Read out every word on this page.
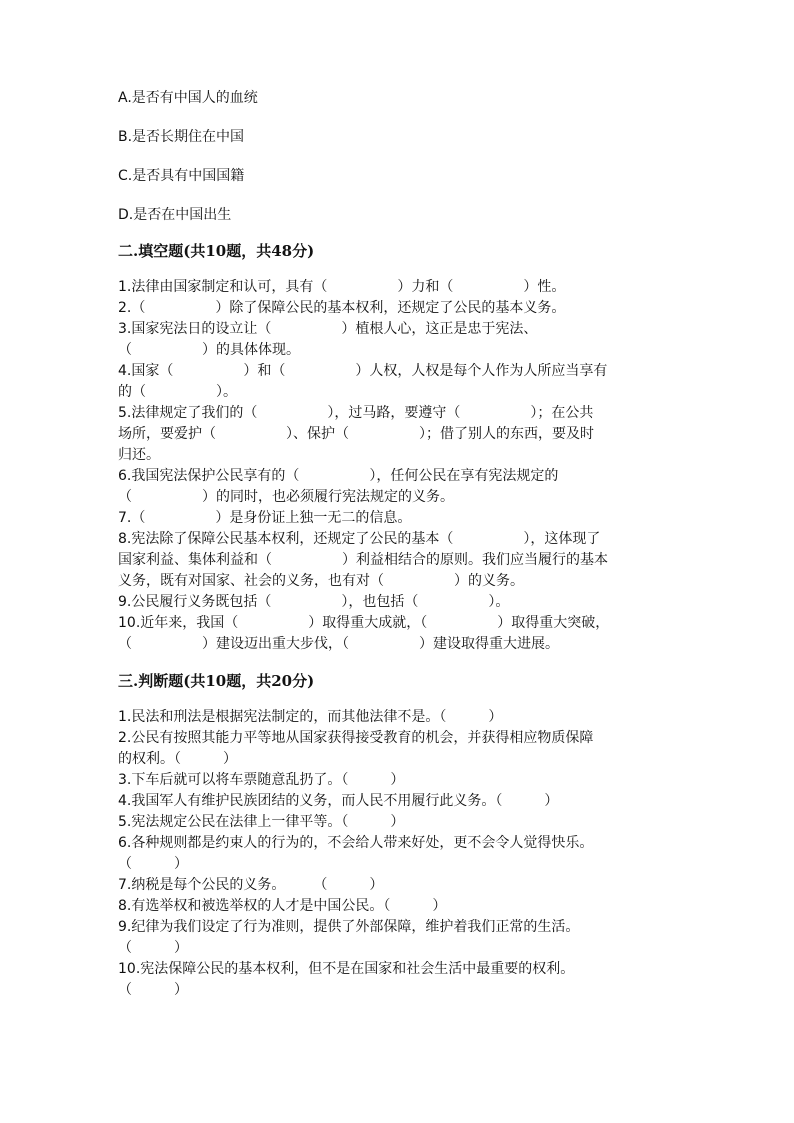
A.是否有中国人的血统
B.是否长期住在中国
C.是否具有中国国籍
D.是否在中国出生
二.填空题(共10题，共48分)
1.法律由国家制定和认可，具有（　　　　　）力和（　　　　　）性。
2.（　　　　　）除了保障公民的基本权利，还规定了公民的基本义务。
3.国家宪法日的设立让（　　　　　）植根人心，这正是忠于宪法、
（　　　　　）的具体体现。
4.国家（　　　　　）和（　　　　　）人权，人权是每个人作为人所应当享有
的（　　　　　）。
5.法律规定了我们的（　　　　　），过马路，要遵守（　　　　　）；在公共
场所，要爱护（　　　　　）、保护（　　　　　）；借了别人的东西，要及时
归还。
6.我国宪法保护公民享有的（　　　　　），任何公民在享有宪法规定的
（　　　　　）的同时，也必须履行宪法规定的义务。
7.（　　　　　）是身份证上独一无二的信息。
8.宪法除了保障公民基本权利，还规定了公民的基本（　　　　　），这体现了
国家利益、集体利益和（　　　　　）利益相结合的原则。我们应当履行的基本
义务，既有对国家、社会的义务，也有对（　　　　　）的义务。
9.公民履行义务既包括（　　　　　），也包括（　　　　　）。
10.近年来，我国（　　　　　）取得重大成就，（　　　　　）取得重大突破，
（　　　　　）建设迈出重大步伐，（　　　　　）建设取得重大进展。
三.判断题(共10题，共20分)
1.民法和刑法是根据宪法制定的，而其他法律不是。（　　　）
2.公民有按照其能力平等地从国家获得接受教育的机会，并获得相应物质保障
的权利。（　　　）
3.下车后就可以将车票随意乱扔了。（　　　）
4.我国军人有维护民族团结的义务，而人民不用履行此义务。（　　　）
5.宪法规定公民在法律上一律平等。（　　　）
6.各种规则都是约束人的行为的，不会给人带来好处，更不会令人觉得快乐。
（　　　）
7.纳税是每个公民的义务。　　　（　　　）
8.有选举权和被选举权的人才是中国公民。（　　　）
9.纪律为我们设定了行为准则，提供了外部保障，维护着我们正常的生活。
（　　　）
10.宪法保障公民的基本权利，但不是在国家和社会生活中最重要的权利。
（　　　）
